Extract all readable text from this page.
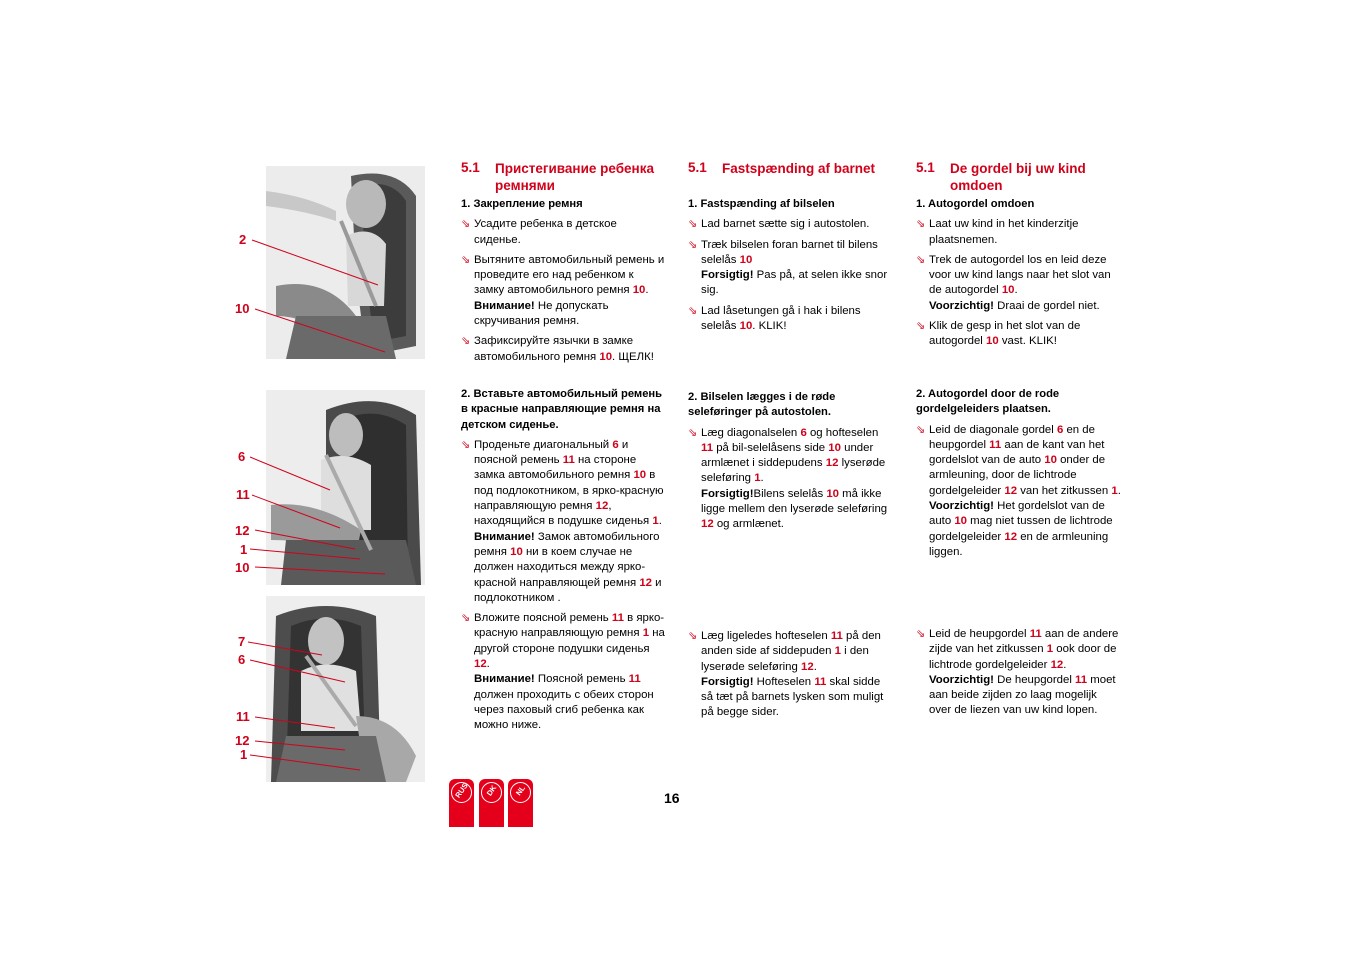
2
10
6
11
12
1
10
7
6
11
12
1
5.1 Пристегивание ребенка ремнями
1. Закрепление ремня
⇘ Усадите ребенка в детское сиденье.
⇘ Вытяните автомобильный ремень и проведите его над ребенком к замку автомобильного ремня 10.
Внимание! Не допускать скручивания ремня.
⇘ Зафиксируйте язычки в замке автомобильного ремня 10. ЩЕЛК!
2. Вставьте автомобильный ремень в красные направляющие ремня на детском сиденье.
⇘ Проденьте диагональный 6 и поясной ремень 11 на стороне замка автомобильного ремня 10 в под подлокотником, в ярко-красную направляющую ремня 12, находящийся в подушке сиденья 1.
Внимание! Замок автомобильного ремня 10 ни в коем случае не должен находиться между ярко-красной направляющей ремня 12 и подлокотником .
⇘ Вложите поясной ремень 11 в ярко-красную направляющую ремня 1 на другой стороне подушки сиденья 12.
Внимание! Поясной ремень 11 должен проходить с обеих сторон через паховый сгиб ребенка как можно ниже.
5.1 Fastspænding af barnet
1. Fastspænding af bilselen
⇘ Lad barnet sætte sig i autostolen.
⇘ Træk bilselen foran barnet til bilens selelås 10
Forsigtig! Pas på, at selen ikke snor sig.
⇘ Lad låsetungen gå i hak i bilens selelås 10. KLIK!
2. Bilselen lægges i de røde seleføringer på autostolen.
⇘ Læg diagonalselen 6 og hofteselen 11 på bil-selelåsens side 10 under armlænet i siddepudens 12 lyserøde seleføring 1.
Forsigtig!Bilens selelås 10 må ikke ligge mellem den lyserøde seleføring 12 og armlænet.
⇘ Læg ligeledes hofteselen 11 på den anden side af siddepuden 1 i den lyserøde seleføring 12.
Forsigtig! Hofteselen 11 skal sidde så tæt på barnets lysken som muligt på begge sider.
5.1 De gordel bij uw kind omdoen
1. Autogordel omdoen
⇘ Laat uw kind in het kinderzitje plaatsnemen.
⇘ Trek de autogordel los en leid deze voor uw kind langs naar het slot van de autogordel 10.
Voorzichtig! Draai de gordel niet.
⇘ Klik de gesp in het slot van de autogordel 10 vast. KLIK!
2. Autogordel door de rode gordelgeleiders plaatsen.
⇘ Leid de diagonale gordel 6 en de heupgordel 11 aan de kant van het gordelslot van de auto 10 onder de armleuning, door de lichtrode gordelgeleider 12 van het zitkussen 1.
Voorzichtig! Het gordelslot van de auto 10 mag niet tussen de lichtrode gordelgeleider 12 en de armleuning liggen.
⇘ Leid de heupgordel 11 aan de andere zijde van het zitkussen 1 ook door de lichtrode gordelgeleider 12.
Voorzichtig! De heupgordel 11 moet aan beide zijden zo laag mogelijk over de liezen van uw kind lopen.
RUS	DK	NL	16
